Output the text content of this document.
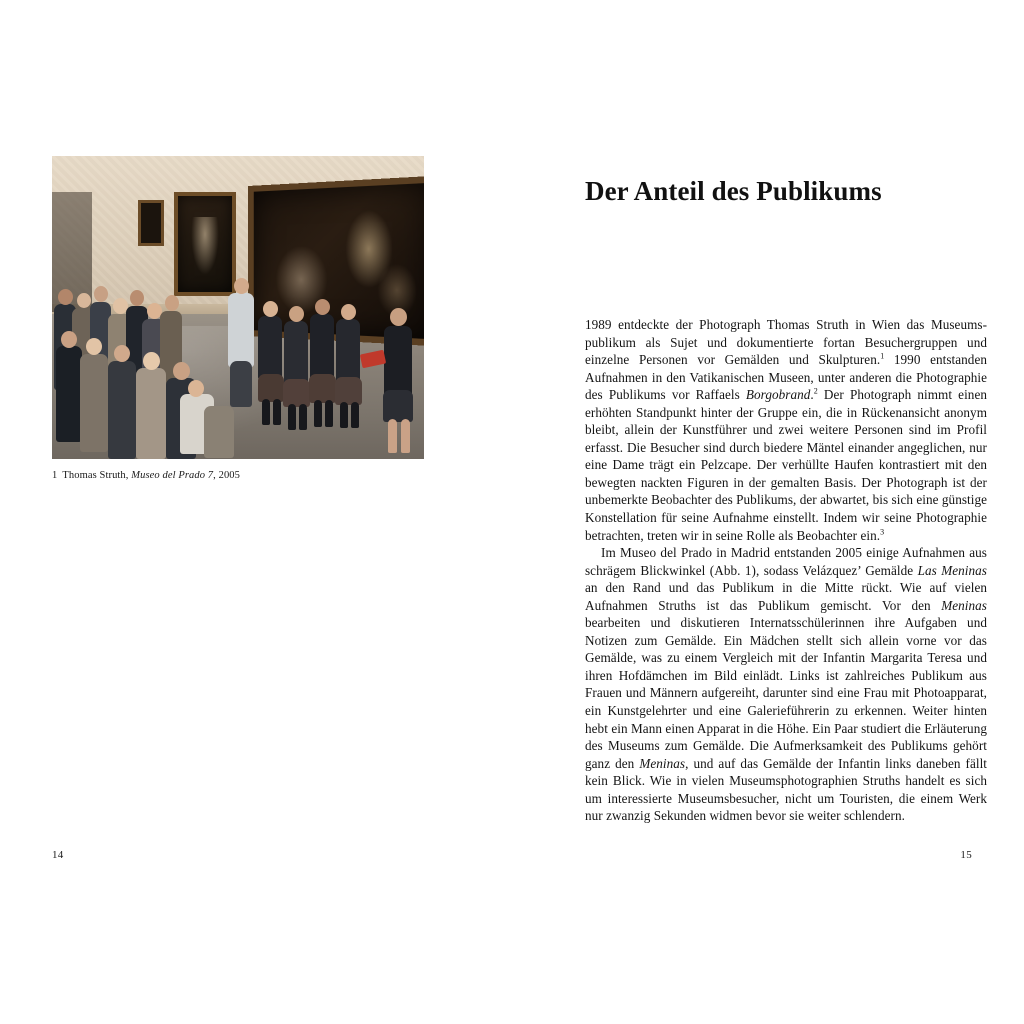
1 Thomas Struth, Museo del Prado 7, 2005
14
Der Anteil des Publikums

1989 entdeckte der Photograph Thomas Struth in Wien das Museumspublikum als Sujet und dokumentierte fortan Besuchergruppen und einzelne Personen vor Gemälden und Skulpturen.$^1$ 1990 entstanden Aufnahmen in den Vatikanischen Museen, unter anderen die Photographie des Publikums vor Raffaels Borgobrand.$^2$ Der Photograph nimmt einen erhöhten Standpunkt hinter der Gruppe ein, die in Rückenansicht anonym bleibt, allein der Kunstführer und zwei weitere Personen sind im Profil erfasst. Die Besucher sind durch biedere Mäntel einander angeglichen, nur eine Dame trägt ein Pelzcape. Der verhüllte Haufen kontrastiert mit den bewegten nackten Figuren in der gemalten Basis. Der Photograph ist der unbemerkte Beobachter des Publikums, der abwartet, bis sich eine günstige Konstellation für seine Aufnahme einstellt. Indem wir seine Photographie betrachten, treten wir in seine Rolle als Beobachter ein.$^3$

Im Museo del Prado in Madrid entstanden 2005 einige Aufnahmen aus schrägem Blickwinkel (Abb. 1), sodass Velázquez’ Gemälde Las Meninas an den Rand und das Publikum in die Mitte rückt. Wie auf vielen Aufnahmen Struths ist das Publikum gemischt. Vor den Meninas bearbeiten und diskutieren Internatsschülerinnen ihre Aufgaben und Notizen zum Gemälde. Ein Mädchen stellt sich allein vorne vor das Gemälde, was zu einem Vergleich mit der Infantin Margarita Teresa und ihren Hofdämchen im Bild einlädt. Links ist zahlreiches Publikum aus Frauen und Männern aufgereiht, darunter sind eine Frau mit Photoapparat, ein Kunstgelehrter und eine Galerieführerin zu erkennen. Weiter hinten hebt ein Mann einen Apparat in die Höhe. Ein Paar studiert die Erläuterung des Museums zum Gemälde. Die Aufmerksamkeit des Publikums gehört ganz den Meninas, und auf das Gemälde der Infantin links daneben fällt kein Blick. Wie in vielen Museumsphotographien Struths handelt es sich um interessierte Museumsbesucher, nicht um Touristen, die einem Werk nur zwanzig Sekunden widmen bevor sie weiter schlendern.

15
